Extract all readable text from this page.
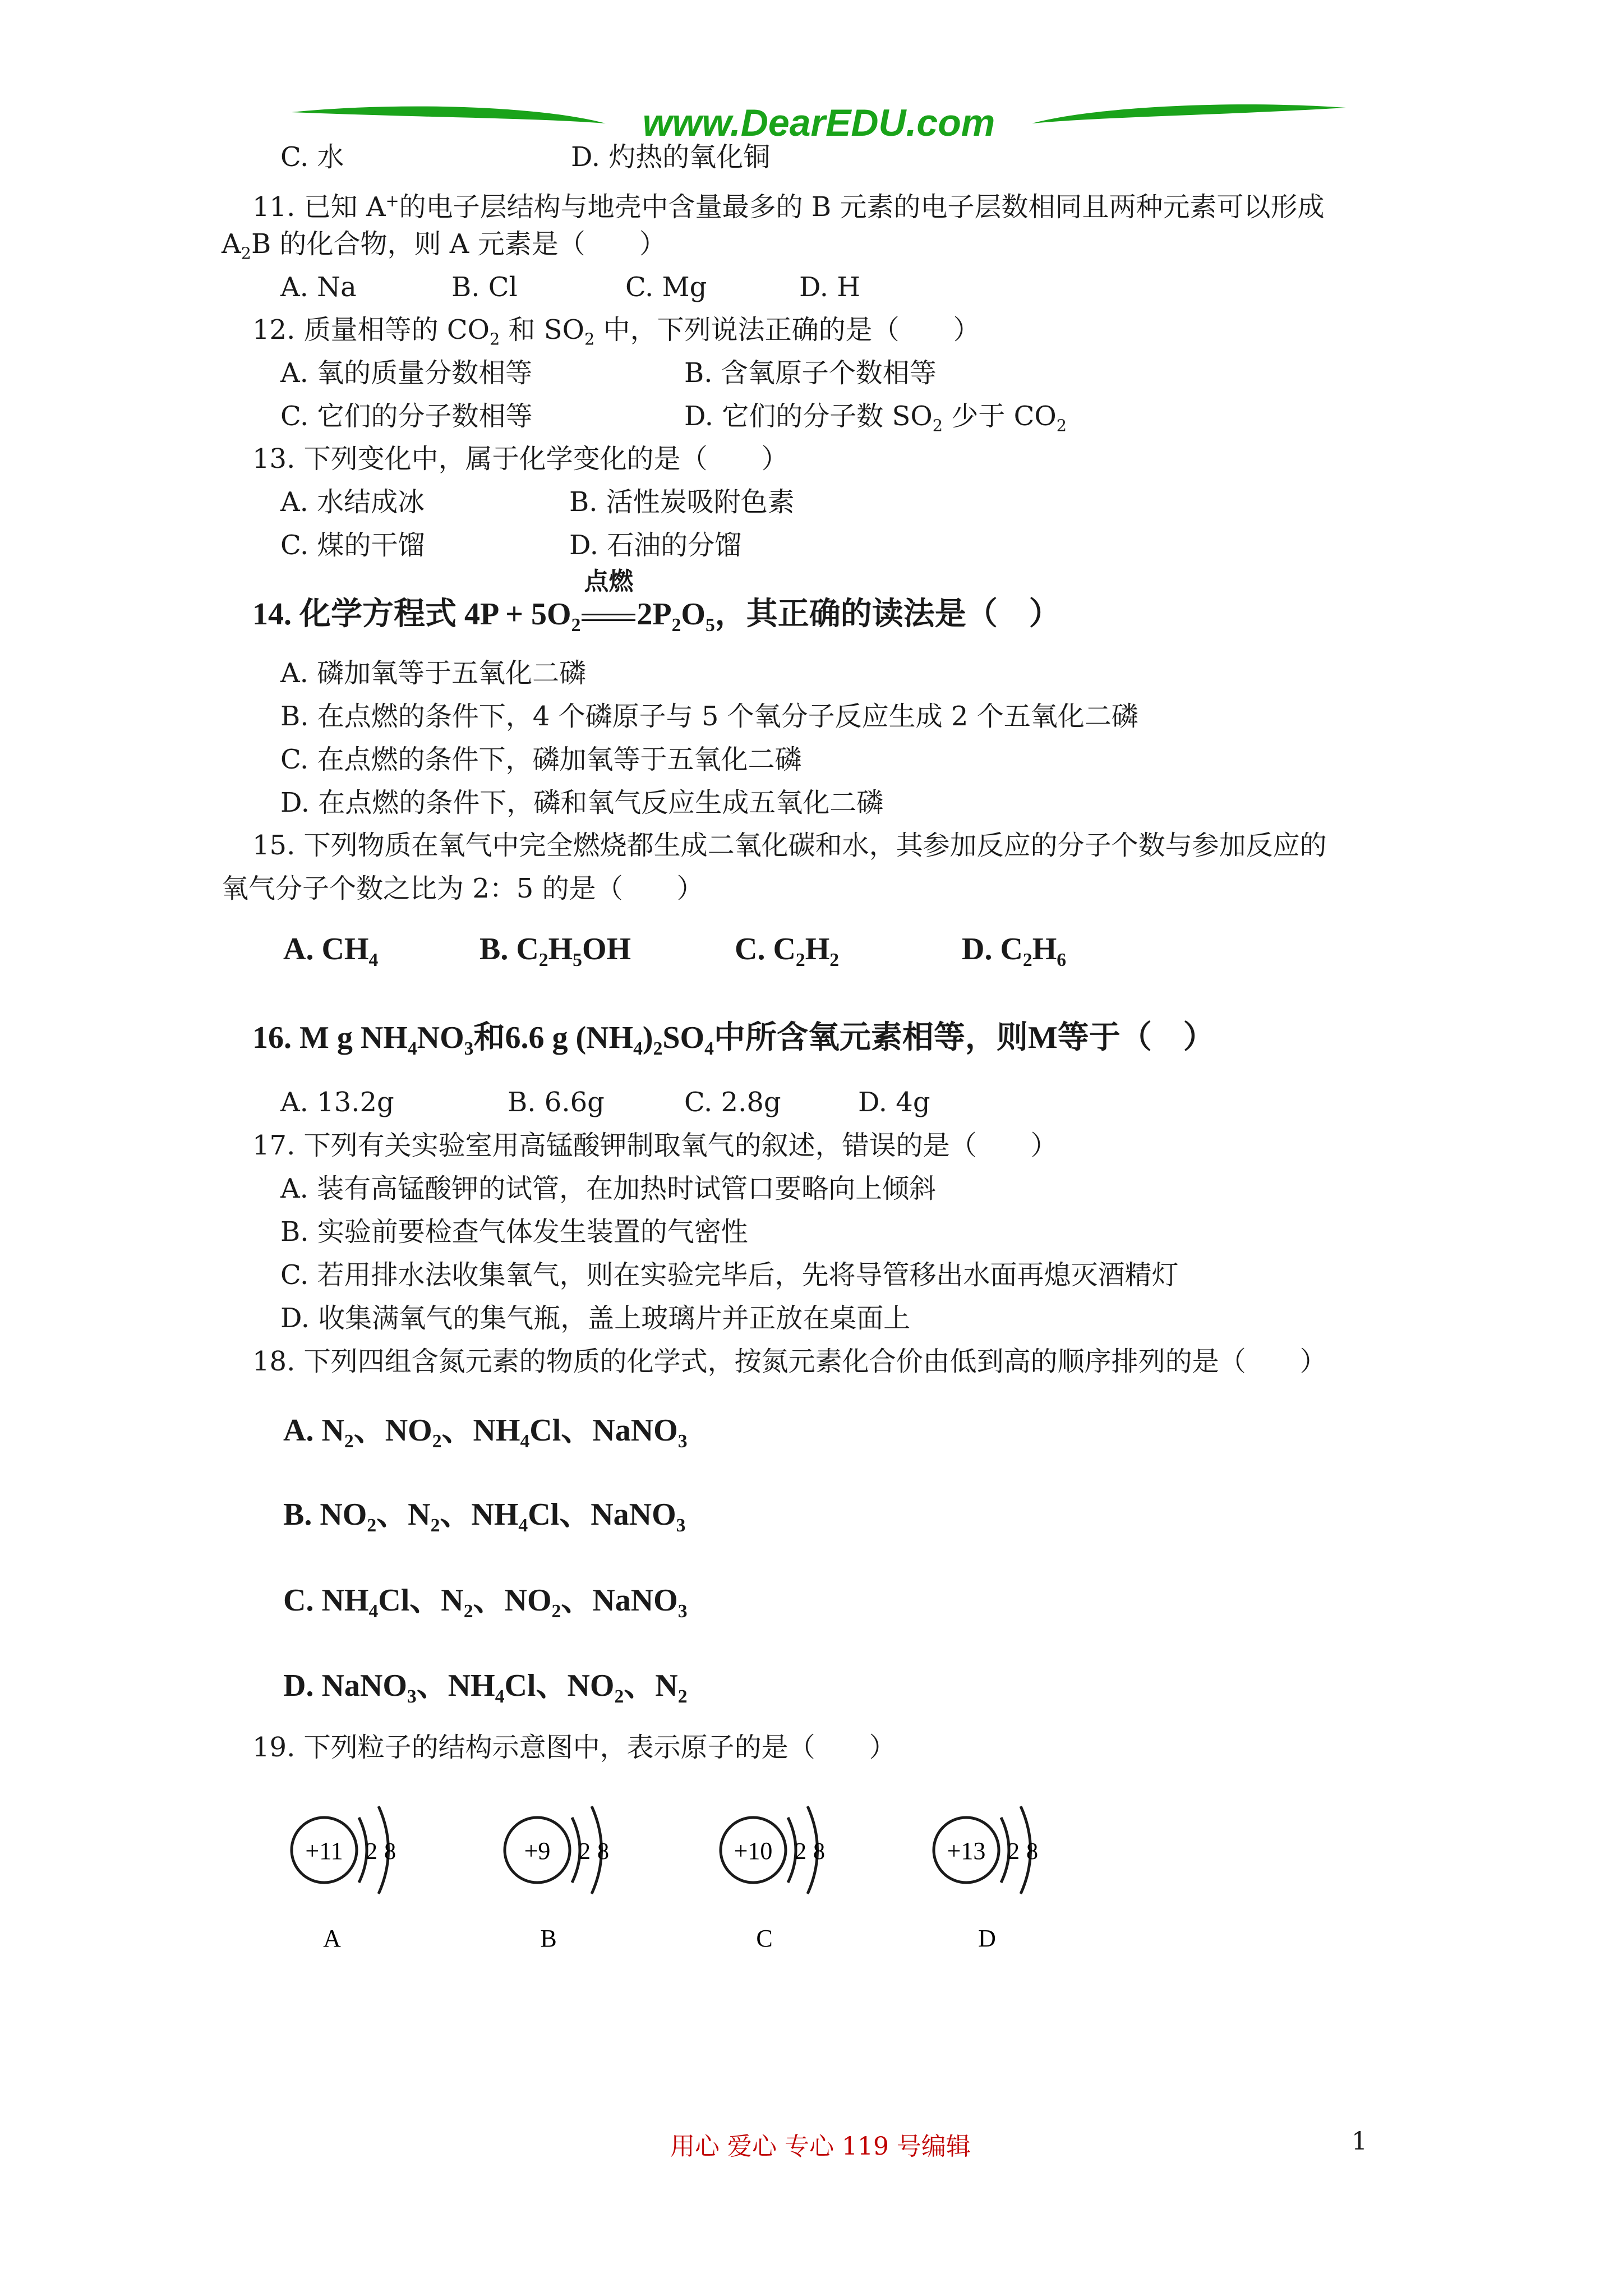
www.DearEDU.com
C. 水	D. 灼热的氧化铜
11. 已知 A+的电子层结构与地壳中含量最多的 B 元素的电子层数相同且两种元素可以形成
$A_2B$ 的化合物，则 A 元素是（　　）
A. Na	B. Cl	C. Mg	D. H
12. 质量相等的 $CO_2$ 和 $SO_2$ 中，下列说法正确的是（　　）
A. 氧的质量分数相等	B. 含氧原子个数相等
C. 它们的分子数相等	D. 它们的分子数 $SO_2$ 少于 $CO_2$
13. 下列变化中，属于化学变化的是（　　）
A. 水结成冰	B. 活性炭吸附色素
C. 煤的干馏	D. 石油的分馏
14. 化学方程式 $4P + 5O_2$
点燃
$2P_2O_5$，其正确的读法是（　）
A. 磷加氧等于五氧化二磷
B. 在点燃的条件下，4 个磷原子与 5 个氧分子反应生成 2 个五氧化二磷
C. 在点燃的条件下，磷加氧等于五氧化二磷
D. 在点燃的条件下，磷和氧气反应生成五氧化二磷
15. 下列物质在氧气中完全燃烧都生成二氧化碳和水，其参加反应的分子个数与参加反应的
氧气分子个数之比为 2：5 的是（　　）
A. $CH_4$	B. $C_2H_5OH$	C. $C_2H_2$	D. $C_2H_6$
16. M g $NH_4NO_3$和6.6 g $(NH_4)_2SO_4$中所含氧元素相等，则M等于（　）
A. 13.2g	B. 6.6g	C. 2.8g	D. 4g
17. 下列有关实验室用高锰酸钾制取氧气的叙述，错误的是（　　）
A. 装有高锰酸钾的试管，在加热时试管口要略向上倾斜
B. 实验前要检查气体发生装置的气密性
C. 若用排水法收集氧气，则在实验完毕后，先将导管移出水面再熄灭酒精灯
D. 收集满氧气的集气瓶，盖上玻璃片并正放在桌面上
18. 下列四组含氮元素的物质的化学式，按氮元素化合价由低到高的顺序排列的是（　　）
A. $N_2$、$NO_2$、$NH_4Cl$、NaNO$_3$
B. $NO_2$、$N_2$、$NH_4Cl$、NaNO$_3$
C. $NH_4Cl$、$N_2$、$NO_2$、NaNO$_3$
D. NaNO$_3$、$NH_4Cl$、$NO_2$、$N_2$
19. 下列粒子的结构示意图中，表示原子的是（　　）
+11 2 8
A
+9 2 8
B
+10 2 8
C
+13 2 8
D
用心 爱心 专心 119 号编辑	1
